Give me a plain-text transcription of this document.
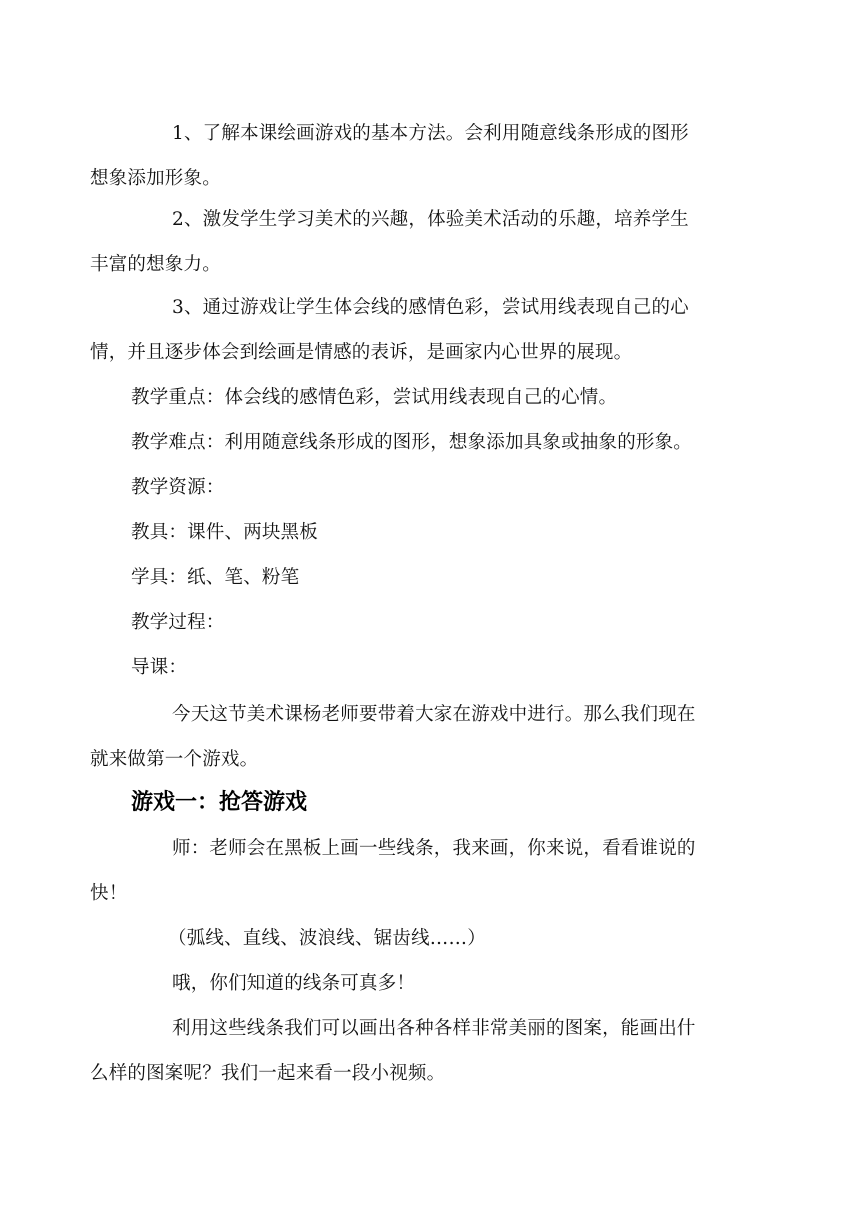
1、了解本课绘画游戏的基本方法。会利用随意线条形成的图形
想象添加形象。
2、激发学生学习美术的兴趣，体验美术活动的乐趣，培养学生
丰富的想象力。
3、通过游戏让学生体会线的感情色彩，尝试用线表现自己的心
情，并且逐步体会到绘画是情感的表诉，是画家内心世界的展现。

教学重点：体会线的感情色彩，尝试用线表现自己的心情。

教学难点：利用随意线条形成的图形，想象添加具象或抽象的形象。

教学资源：

教具：课件、两块黑板

学具：纸、笔、粉笔

教学过程：

导课：

今天这节美术课杨老师要带着大家在游戏中进行。那么我们现在
就来做第一个游戏。
游戏一：抢答游戏
师：老师会在黑板上画一些线条，我来画，你来说，看看谁说的
快！

（弧线、直线、波浪线、锯齿线……）

哦，你们知道的线条可真多！

利用这些线条我们可以画出各种各样非常美丽的图案，能画出什
么样的图案呢？我们一起来看一段小视频。
